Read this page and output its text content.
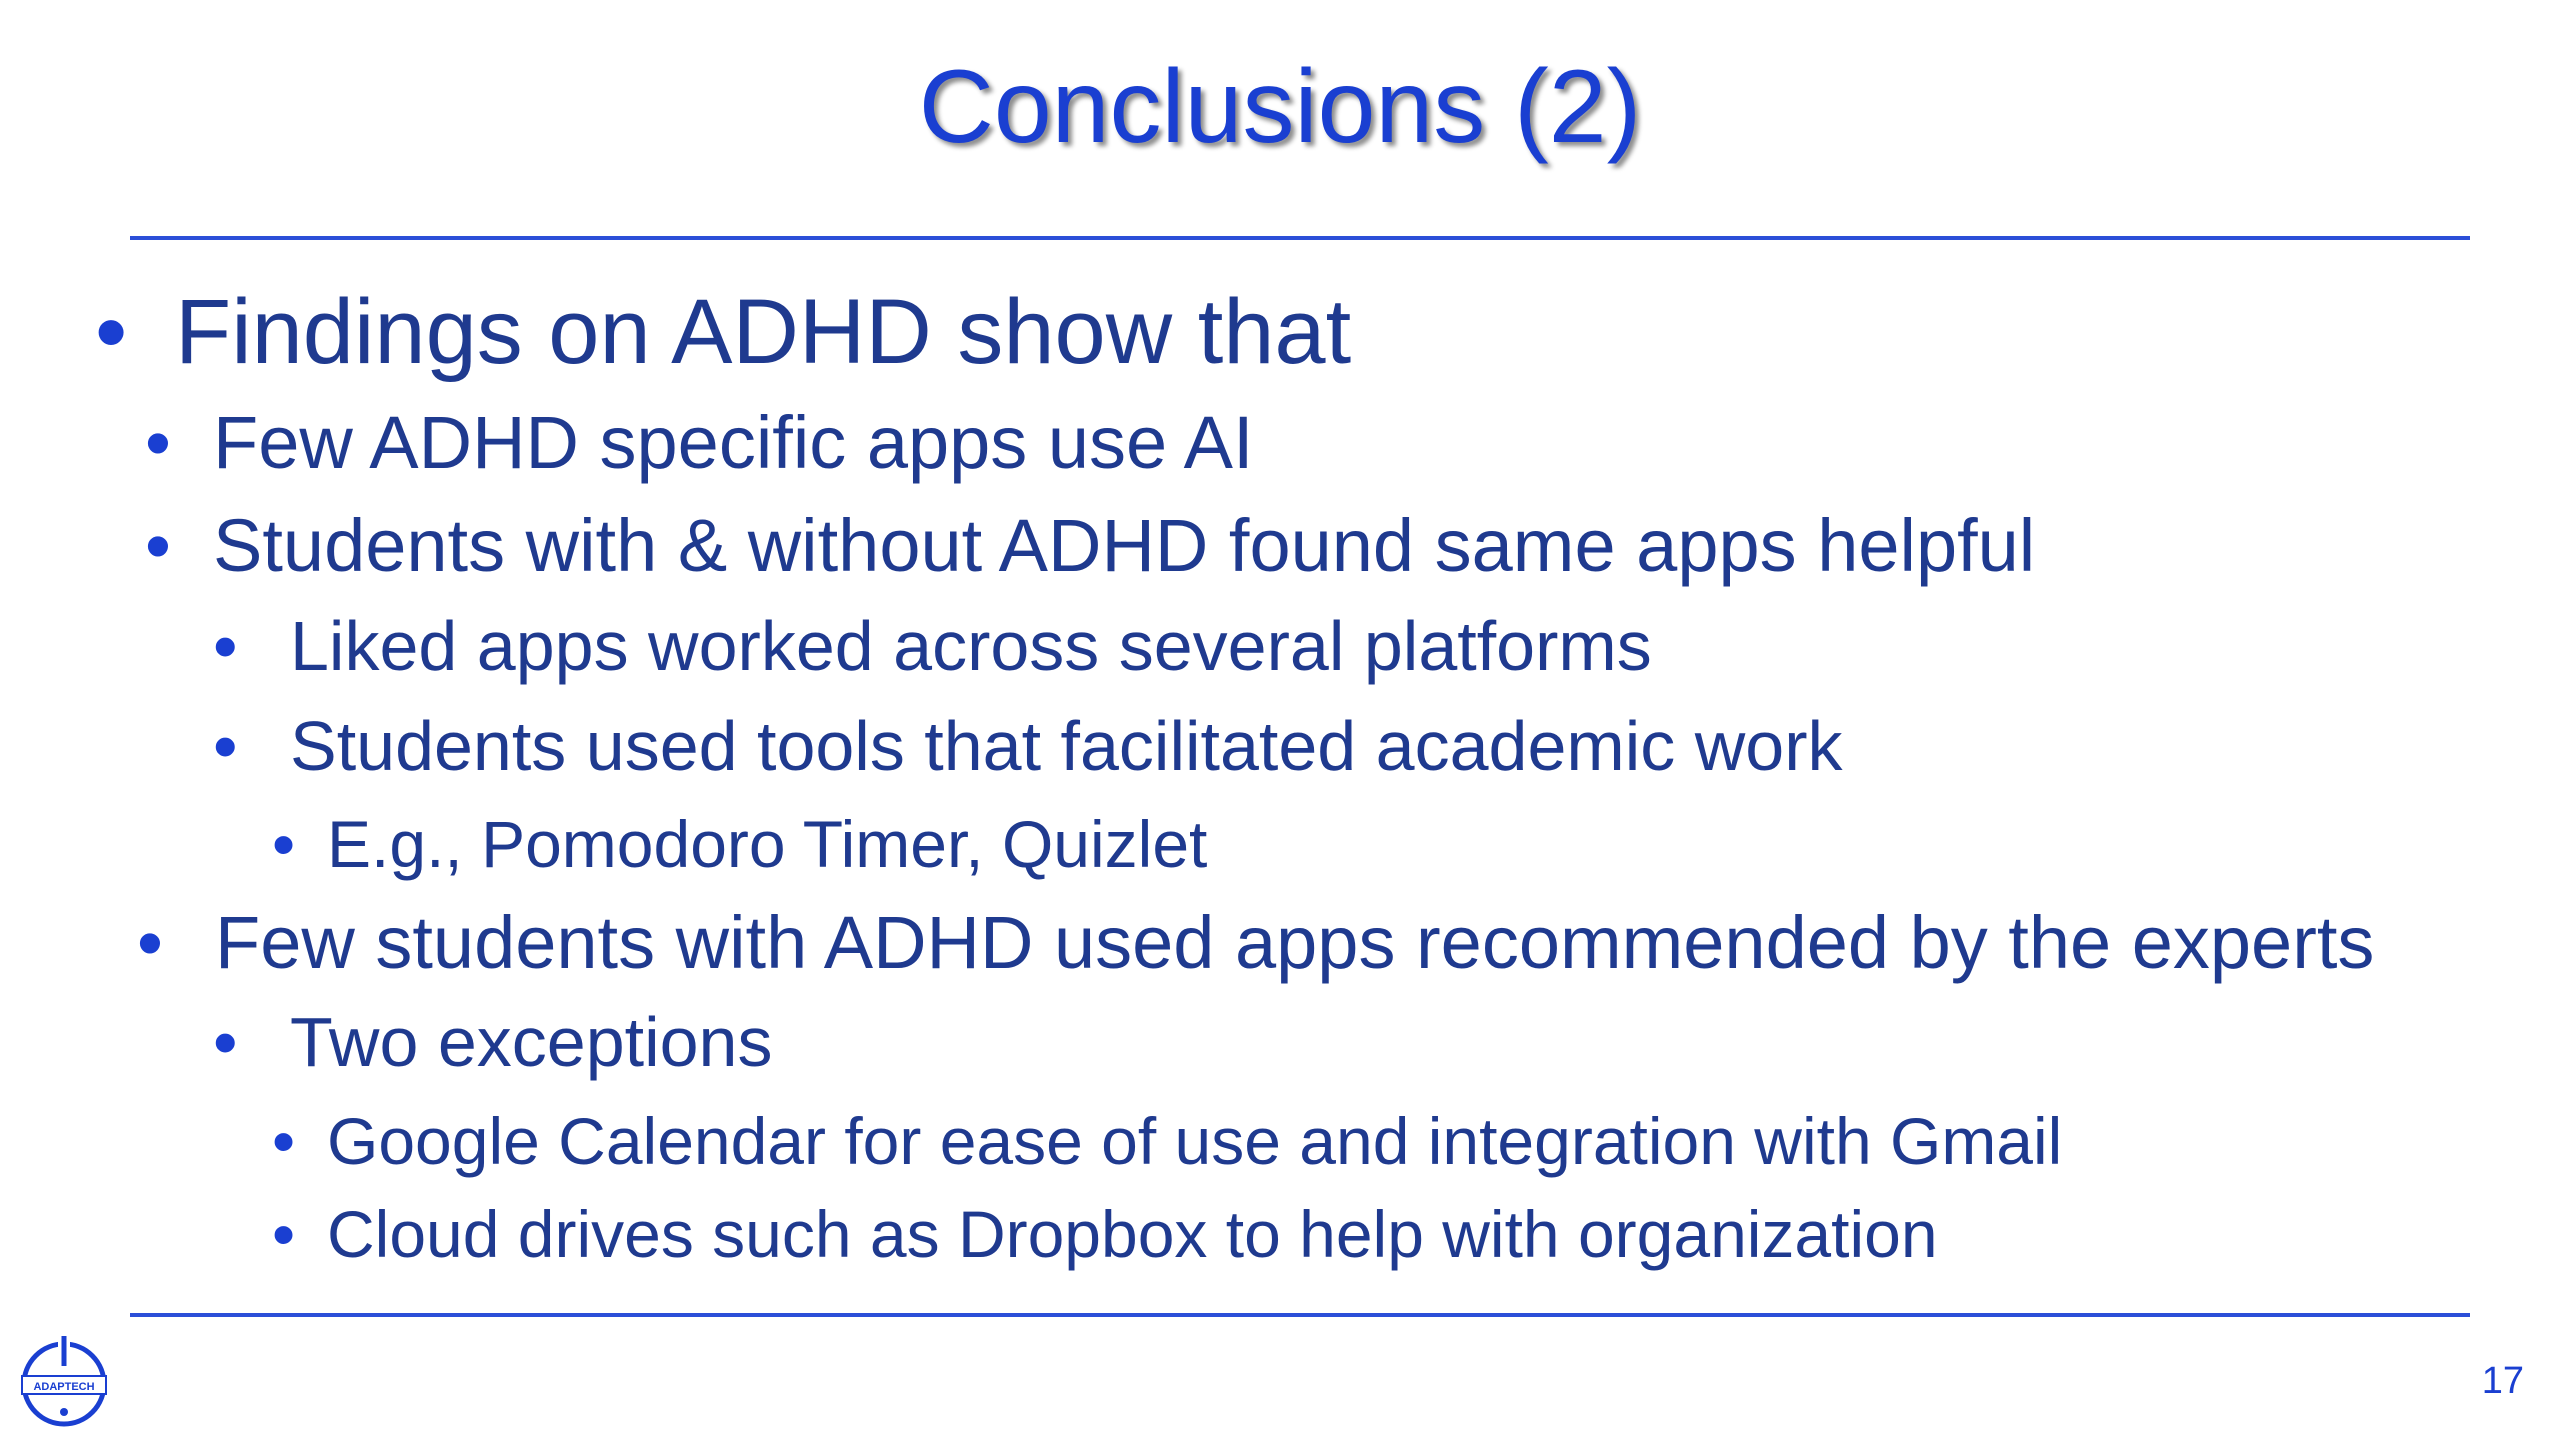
Conclusions (2)
• Findings on ADHD show that
• Few ADHD specific apps use AI
• Students with & without ADHD found same apps helpful
• Liked apps worked across several platforms
• Students used tools that facilitated academic work
• E.g., Pomodoro Timer, Quizlet
• Few students with ADHD used apps recommended by the experts
• Two exceptions
• Google Calendar for ease of use and integration with Gmail
• Cloud drives such as Dropbox to help with organization
ADAPTECH	17
